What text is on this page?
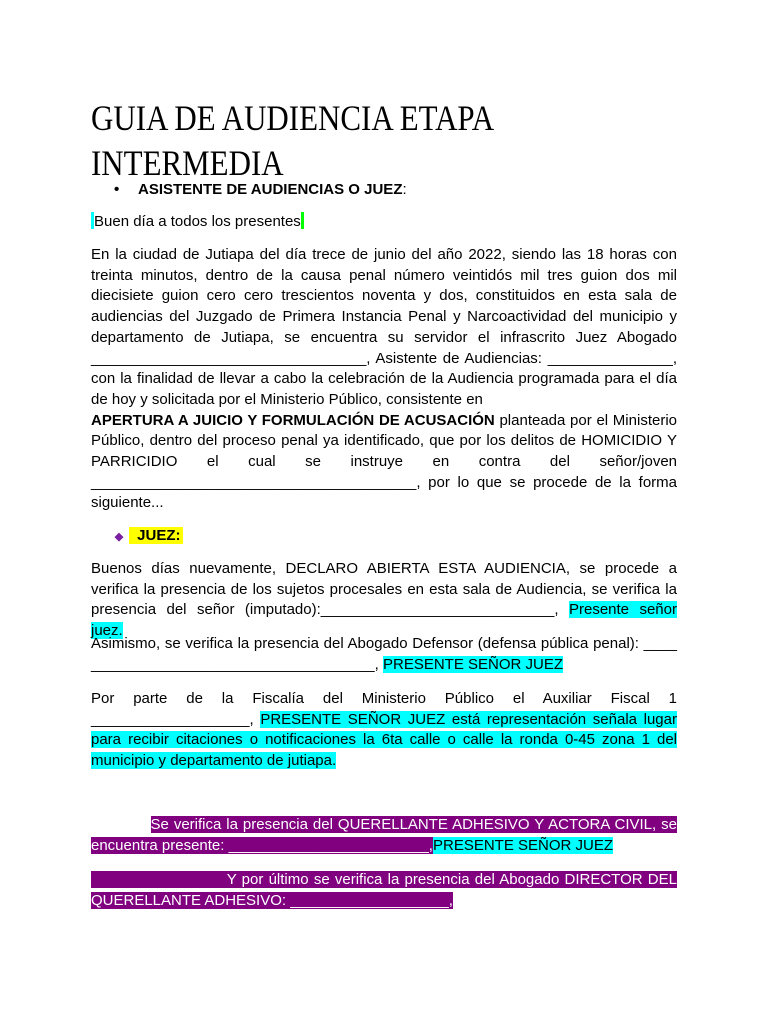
GUIA DE AUDIENCIA ETAPA INTERMEDIA
• ASISTENTE DE AUDIENCIAS O JUEZ:

Buen día a todos los presentes

En la ciudad de Jutiapa del día trece de junio del año 2022, siendo las 18 horas con treinta minutos, dentro de la causa penal número veintidós mil tres guion dos mil diecisiete guion cero cero trescientos noventa y dos, constituidos en esta sala de audiencias del Juzgado de Primera Instancia Penal y Narcoactividad del municipio y departamento de Jutiapa, se encuentra su servidor el infrascrito Juez Abogado _________________________________, Asistente de Audiencias: _______________, con la finalidad de llevar a cabo la celebración de la Audiencia programada para el día de hoy y solicitada por el Ministerio Público, consistente en
APERTURA A JUICIO Y FORMULACIÓN DE ACUSACIÓN planteada por el Ministerio Público, dentro del proceso penal ya identificado, que por los delitos de HOMICIDIO Y PARRICIDIO el cual se instruye en contra del señor/joven _______________________________________, por lo que se procede de la forma siguiente...

◆ JUEZ:

Buenos días nuevamente, DECLARO ABIERTA ESTA AUDIENCIA, se procede a verifica la presencia de los sujetos procesales en esta sala de Audiencia, se verifica la presencia del señor (imputado):____________________________, Presente señor juez.

Asimismo, se verifica la presencia del Abogado Defensor (defensa pública penal): ____ __________________________________, PRESENTE SEÑOR JUEZ

Por parte de la Fiscalía del Ministerio Público el Auxiliar Fiscal 1 ___________________, PRESENTE SEÑOR JUEZ está representación señala lugar para recibir citaciones o notificaciones la 6ta calle o calle la ronda 0-45 zona 1 del municipio y departamento de jutiapa.

Se verifica la presencia del QUERELLANTE ADHESIVO Y ACTORA CIVIL, se encuentra presente: ________________________,PRESENTE SEÑOR JUEZ

Y por último se verifica la presencia del Abogado DIRECTOR DEL QUERELLANTE ADHESIVO: ___________________,
